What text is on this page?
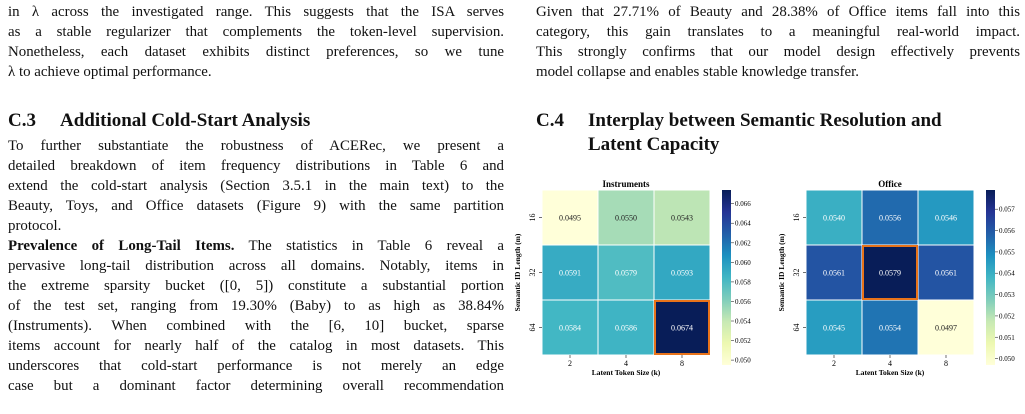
in λ across the investigated range. This suggests that the ISA serves
as a stable regularizer that complements the token-level supervision.
Nonetheless, each dataset exhibits distinct preferences, so we tune
λ to achieve optimal performance.
C.3 Additional Cold-Start Analysis
To further substantiate the robustness of ACERec, we present a
detailed breakdown of item frequency distributions in Table 6 and
extend the cold-start analysis (Section 3.5.1 in the main text) to the
Beauty, Toys, and Office datasets (Figure 9) with the same partition
protocol.
Prevalence of Long-Tail Items. The statistics in Table 6 reveal a
pervasive long-tail distribution across all domains. Notably, items in
the extreme sparsity bucket ([0, 5]) constitute a substantial portion
of the test set, ranging from 19.30% (Baby) to as high as 38.84%
(Instruments). When combined with the [6, 10] bucket, sparse
items account for nearly half of the catalog in most datasets. This
underscores that cold-start performance is not merely an edge
case but a dominant factor determining overall recommendation
Given that 27.71% of Beauty and 28.38% of Office items fall into this
category, this gain translates to a meaningful real-world impact.
This strongly confirms that our model design effectively prevents
model collapse and enables stable knowledge transfer.
C.4 Interplay between Semantic Resolution and
Latent Capacity
Instruments
0.0495	0.0550	0.0543
0.0591	0.0579	0.0593
0.0584	0.0586	0.0674
2	4	8
Latent Token Size (k)
16
32
64
Semantic ID Length (m)
0.050
0.052
0.054
0.056
0.058
0.060
0.062
0.064
0.066
Office
0.0540	0.0556	0.0546
0.0561	0.0579	0.0561
0.0545	0.0554	0.0497
2	4	8
Latent Token Size (k)
16
32
64
Semantic ID Length (m)
0.050
0.051
0.052
0.053
0.054
0.055
0.056
0.057
